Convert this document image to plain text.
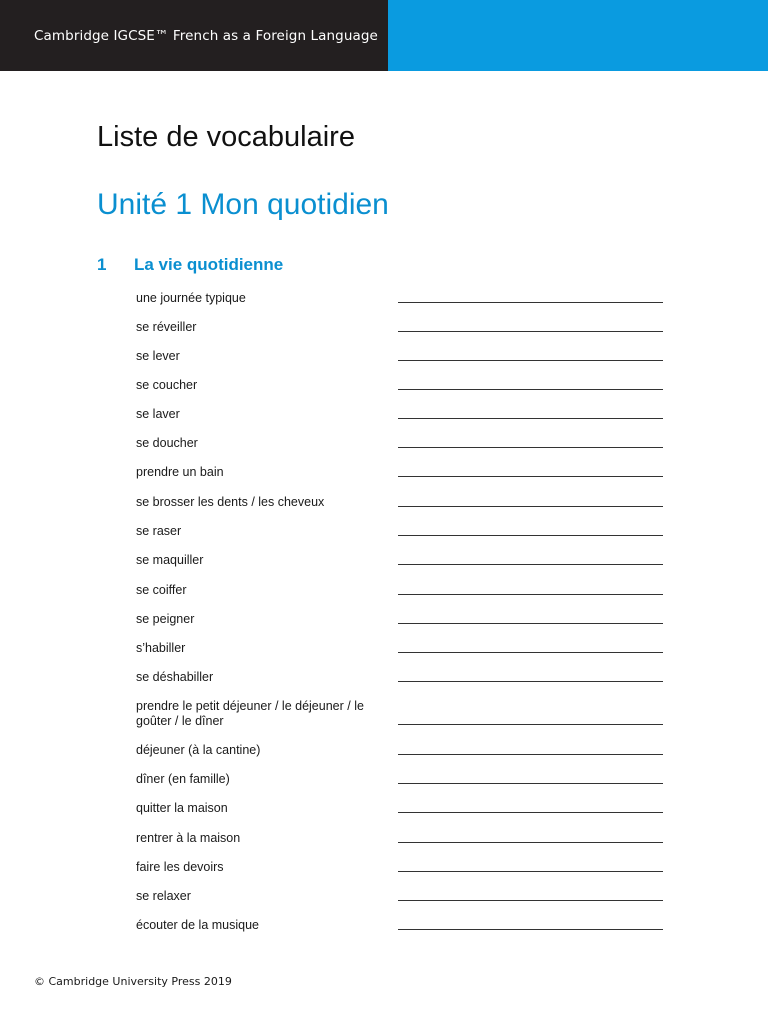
Cambridge IGCSE™ French as a Foreign Language
Liste de vocabulaire
Unité 1 Mon quotidien
1 La vie quotidienne
une journée typique
se réveiller
se lever
se coucher
se laver
se doucher
prendre un bain
se brosser les dents / les cheveux
se raser
se maquiller
se coiffer
se peigner
s’habiller
se déshabiller
prendre le petit déjeuner / le déjeuner / le goûter / le dîner
déjeuner (à la cantine)
dîner (en famille)
quitter la maison
rentrer à la maison
faire les devoirs
se relaxer
écouter de la musique
© Cambridge University Press 2019
